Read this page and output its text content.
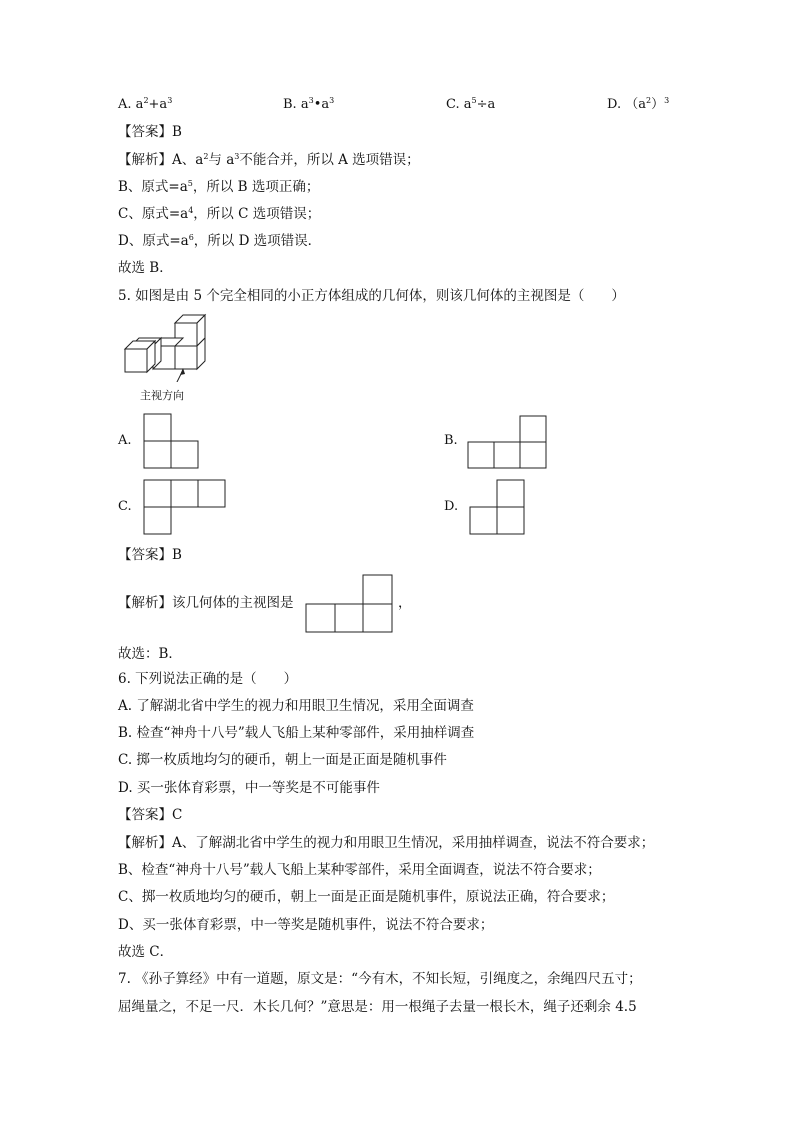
A. $a^2+a^3$	B. $a^3•a^3$	C. $a^5\div a$	D. $(a^2)^3$
【答案】B
【解析】A、$a^2$与 $a^3$不能合并，所以 A 选项错误；
B、原式$=a^5$，所以 B 选项正确；
C、原式$=a^4$，所以 C 选项错误；
D、原式$=a^6$，所以 D 选项错误．
故选 B．
5. 如图是由 5 个完全相同的小正方体组成的几何体，则该几何体的主视图是（　　）
主视方向
A.	B.
C.	D.
【答案】B
【解析】该几何体的主视图是	，
故选：B．
6. 下列说法正确的是（　　）
A. 了解湖北省中学生的视力和用眼卫生情况，采用全面调查
B. 检查“神舟十八号”载人飞船上某种零部件，采用抽样调查
C. 掷一枚质地均匀的硬币，朝上一面是正面是随机事件
D. 买一张体育彩票，中一等奖是不可能事件
【答案】C
【解析】A、了解湖北省中学生的视力和用眼卫生情况，采用抽样调查，说法不符合要求；
B、检查“神舟十八号”载人飞船上某种零部件，采用全面调查，说法不符合要求；
C、掷一枚质地均匀的硬币，朝上一面是正面是随机事件，原说法正确，符合要求；
D、买一张体育彩票，中一等奖是随机事件，说法不符合要求；
故选 C．
7. 《孙子算经》中有一道题，原文是：“今有木，不知长短，引绳度之，余绳四尺五寸；
屈绳量之，不足一尺．木长几何？”意思是：用一根绳子去量一根长木，绳子还剩余 4.5
